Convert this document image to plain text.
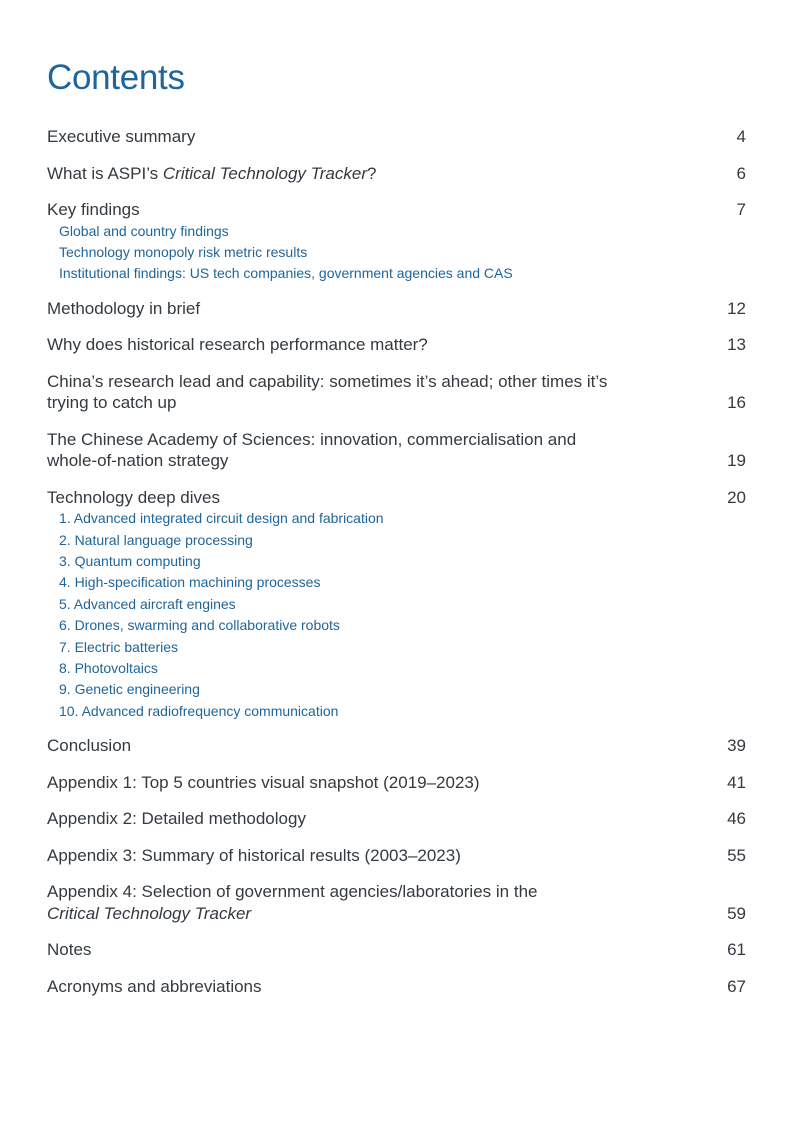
Contents
Executive summary	4
What is ASPI’s Critical Technology Tracker?	6
Key findings	7
Global and country findings
Technology monopoly risk metric results
Institutional findings: US tech companies, government agencies and CAS
Methodology in brief	12
Why does historical research performance matter?	13
China’s research lead and capability: sometimes it’s ahead; other times it’s
trying to catch up	16
The Chinese Academy of Sciences: innovation, commercialisation and
whole-of-nation strategy	19
Technology deep dives	20
1. Advanced integrated circuit design and fabrication
2. Natural language processing
3. Quantum computing
4. High-specification machining processes
5. Advanced aircraft engines
6. Drones, swarming and collaborative robots
7. Electric batteries
8. Photovoltaics
9. Genetic engineering
10. Advanced radiofrequency communication
Conclusion	39
Appendix 1: Top 5 countries visual snapshot (2019–2023)	41
Appendix 2: Detailed methodology	46
Appendix 3: Summary of historical results (2003–2023)	55
Appendix 4: Selection of government agencies/laboratories in the
Critical Technology Tracker	59
Notes	61
Acronyms and abbreviations	67
